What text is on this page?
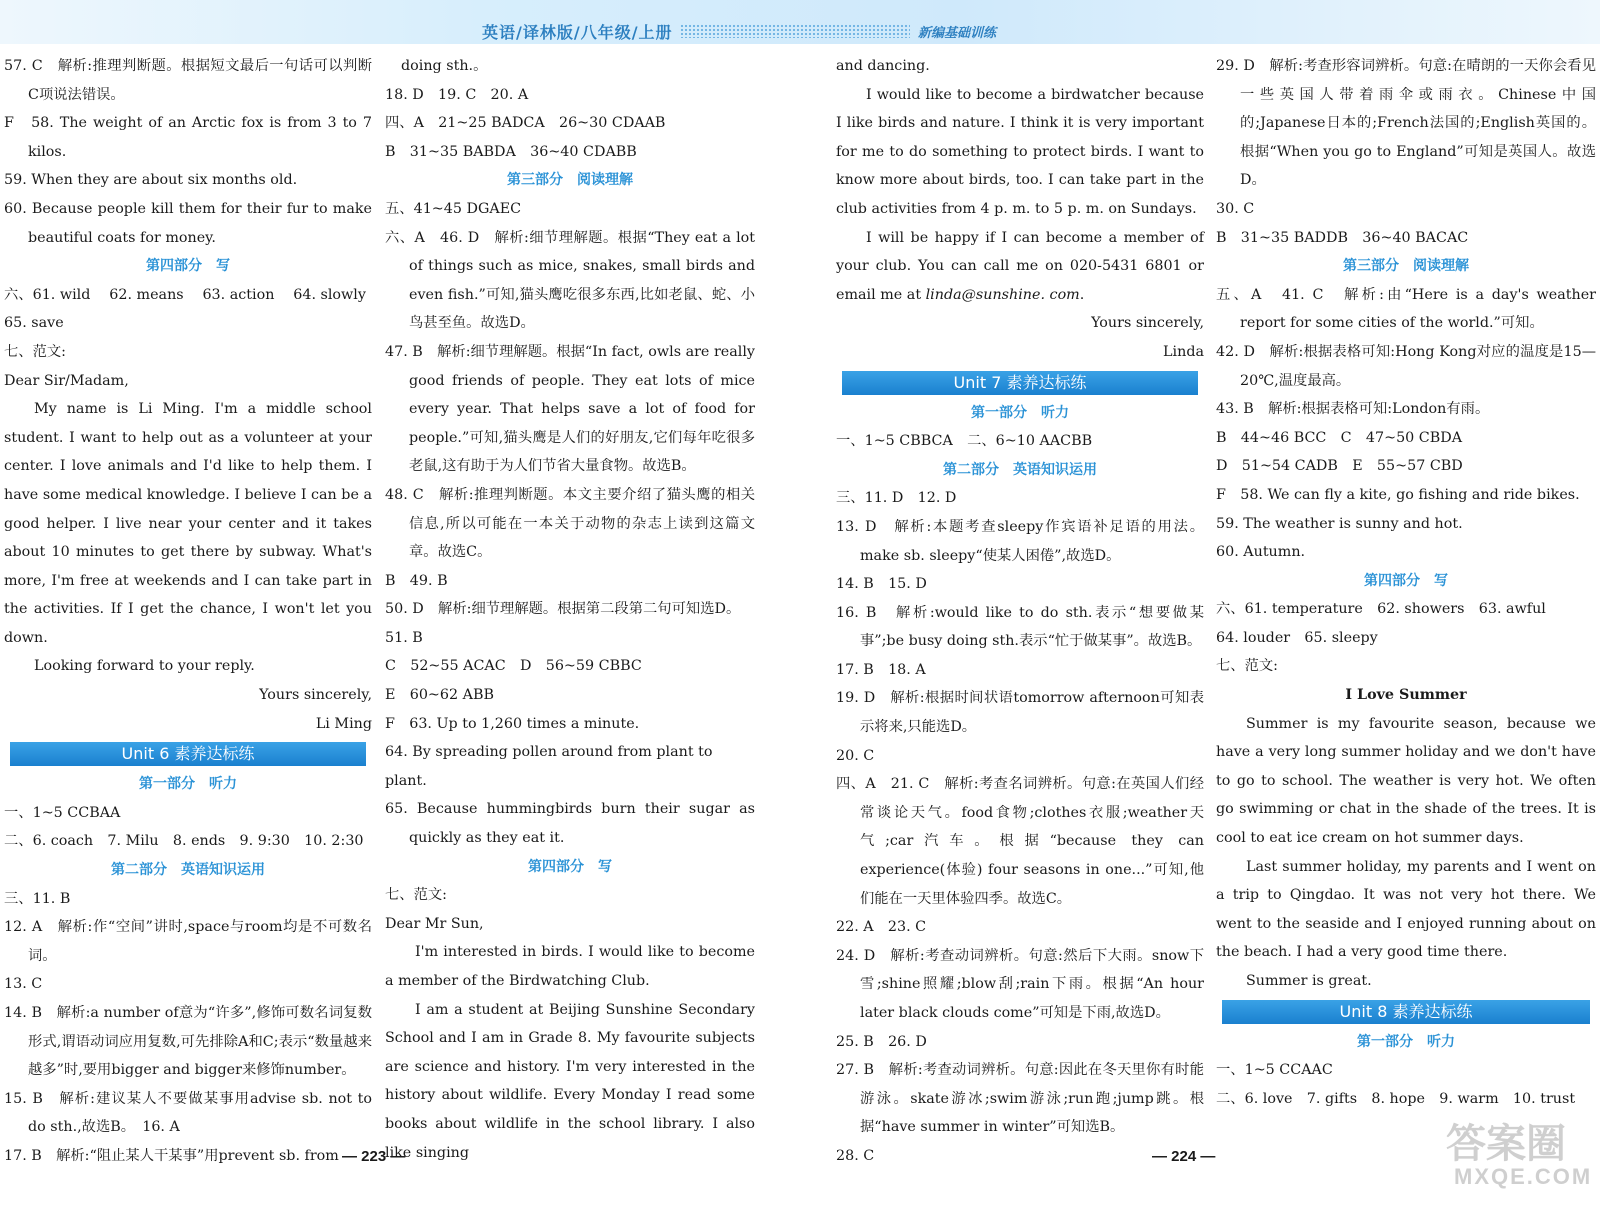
英语/译林版/八年级/上册	新编基础训练

57. C　解析:推理判断题。根据短文最后一句话可以判断C项说法错误。

F　58. The weight of an Arctic fox is from 3 to 7 kilos.

59. When they are about six months old.

60. Because people kill them for their fur to make beautiful coats for money.

第四部分　写

六、61. wild　 62. means　 63. action　 64. slowly

65. save

七、范文:

Dear Sir/Madam,

My name is Li Ming. I'm a middle school student. I want to help out as a volunteer at your center. I love animals and I'd like to help them. I have some medical knowledge. I believe I can be a good helper. I live near your center and it takes about 10 minutes to get there by subway. What's more, I'm free at weekends and I can take part in the activities. If I get the chance, I won't let you down.

Looking forward to your reply.

Yours sincerely,

Li Ming

Unit 6 素养达标练

第一部分　听力

一、1~5 CCBAA

二、6. coach　7. Milu　8. ends　9. 9:30　10. 2:30

第二部分　英语知识运用

三、11. B

12. A　解析:作“空间”讲时,space与room均是不可数名词。

13. C

14. B　解析:a number of意为“许多”,修饰可数名词复数形式,谓语动词应用复数,可先排除A和C;表示“数量越来越多”时,要用bigger and bigger来修饰number。

15. B　解析:建议某人不要做某事用advise sb. not to do sth.,故选B。　16. A

17. B　解析:“阻止某人干某事”用prevent sb. from

doing sth.。

18. D　19. C　20. A

四、A　21~25 BADCA　26~30 CDAAB

B　31~35 BABDA　36~40 CDABB

第三部分　阅读理解

五、41~45 DGAEC

六、A　46. D　解析:细节理解题。根据“They eat a lot of things such as mice, snakes, small birds and even fish.”可知,猫头鹰吃很多东西,比如老鼠、蛇、小鸟甚至鱼。故选D。

47. B　解析:细节理解题。根据“In fact, owls are really good friends of people. They eat lots of mice every year. That helps save a lot of food for people.”可知,猫头鹰是人们的好朋友,它们每年吃很多老鼠,这有助于为人们节省大量食物。故选B。

48. C　解析:推理判断题。本文主要介绍了猫头鹰的相关信息,所以可能在一本关于动物的杂志上读到这篇文章。故选C。

B　49. B

50. D　解析:细节理解题。根据第二段第二句可知选D。

51. B

C　52~55 ACAC　D　56~59 CBBC

E　60~62 ABB

F　63. Up to 1,260 times a minute.

64. By spreading pollen around from plant to plant.

65. Because hummingbirds burn their sugar as quickly as they eat it.

第四部分　写

七、范文:

Dear Mr Sun,

I'm interested in birds. I would like to become a member of the Birdwatching Club.

I am a student at Beijing Sunshine Secondary School and I am in Grade 8. My favourite subjects are science and history. I'm very interested in the history about wildlife. Every Monday I read some books about wildlife in the school library. I also like singing

and dancing.

I would like to become a birdwatcher because I like birds and nature. I think it is very important for me to do something to protect birds. I want to know more about birds, too. I can take part in the club activities from 4 p. m. to 5 p. m. on Sundays.

I will be happy if I can become a member of your club. You can call me on 020-5431 6801 or email me at linda@sunshine. com.

Yours sincerely,

Linda

Unit 7 素养达标练

第一部分　听力

一、1~5 CBBCA　二、6~10 AACBB

第二部分　英语知识运用

三、11. D　12. D

13. D　解析:本题考查sleepy作宾语补足语的用法。make sb. sleepy“使某人困倦”,故选D。

14. B　15. D

16. B　解析:would like to do sth.表示“想要做某事”;be busy doing sth.表示“忙于做某事”。故选B。

17. B　18. A

19. D　解析:根据时间状语tomorrow afternoon可知表示将来,只能选D。

20. C

四、A　21. C　解析:考查名词辨析。句意:在英国人们经常谈论天气。food食物;clothes衣服;weather天气;car汽车。根据“because they can experience(体验) four seasons in one...”可知,他们能在一天里体验四季。故选C。

22. A　23. C

24. D　解析:考查动词辨析。句意:然后下大雨。snow下雪;shine照耀;blow刮;rain下雨。根据“An hour later black clouds come”可知是下雨,故选D。

25. B　26. D

27. B　解析:考查动词辨析。句意:因此在冬天里你有时能游泳。skate游冰;swim游泳;run跑;jump跳。根据“have summer in winter”可知选B。

28. C

29. D　解析:考查形容词辨析。句意:在晴朗的一天你会看见一些英国人带着雨伞或雨衣。Chinese中国的;Japanese日本的;French法国的;English英国的。根据“When you go to England”可知是英国人。故选D。

30. C

B　31~35 BADDB　36~40 BACAC

第三部分　阅读理解

五、A　41. C　解析:由“Here is a day's weather report for some cities of the world.”可知。

42. D　解析:根据表格可知:Hong Kong对应的温度是15—20℃,温度最高。

43. B　解析:根据表格可知:London有雨。

B　44~46 BCC　C　47~50 CBDA

D　51~54 CADB　E　55~57 CBD

F　58. We can fly a kite, go fishing and ride bikes.

59. The weather is sunny and hot.

60. Autumn.

第四部分　写

六、61. temperature　62. showers　63. awful

64. louder　65. sleepy

七、范文:

I Love Summer

Summer is my favourite season, because we have a very long summer holiday and we don't have to go to school. The weather is very hot. We often go swimming or chat in the shade of the trees. It is cool to eat ice cream on hot summer days.

Last summer holiday, my parents and I went on a trip to Qingdao. It was not very hot there. We went to the seaside and I enjoyed running about on the beach. I had a very good time there.

Summer is great.

Unit 8 素养达标练

第一部分　听力

一、1~5 CCAAC

二、6. love　7. gifts　8. hope　9. warm　10. trust

— 223 —	— 224 —	答案圈
MXQE.COM
